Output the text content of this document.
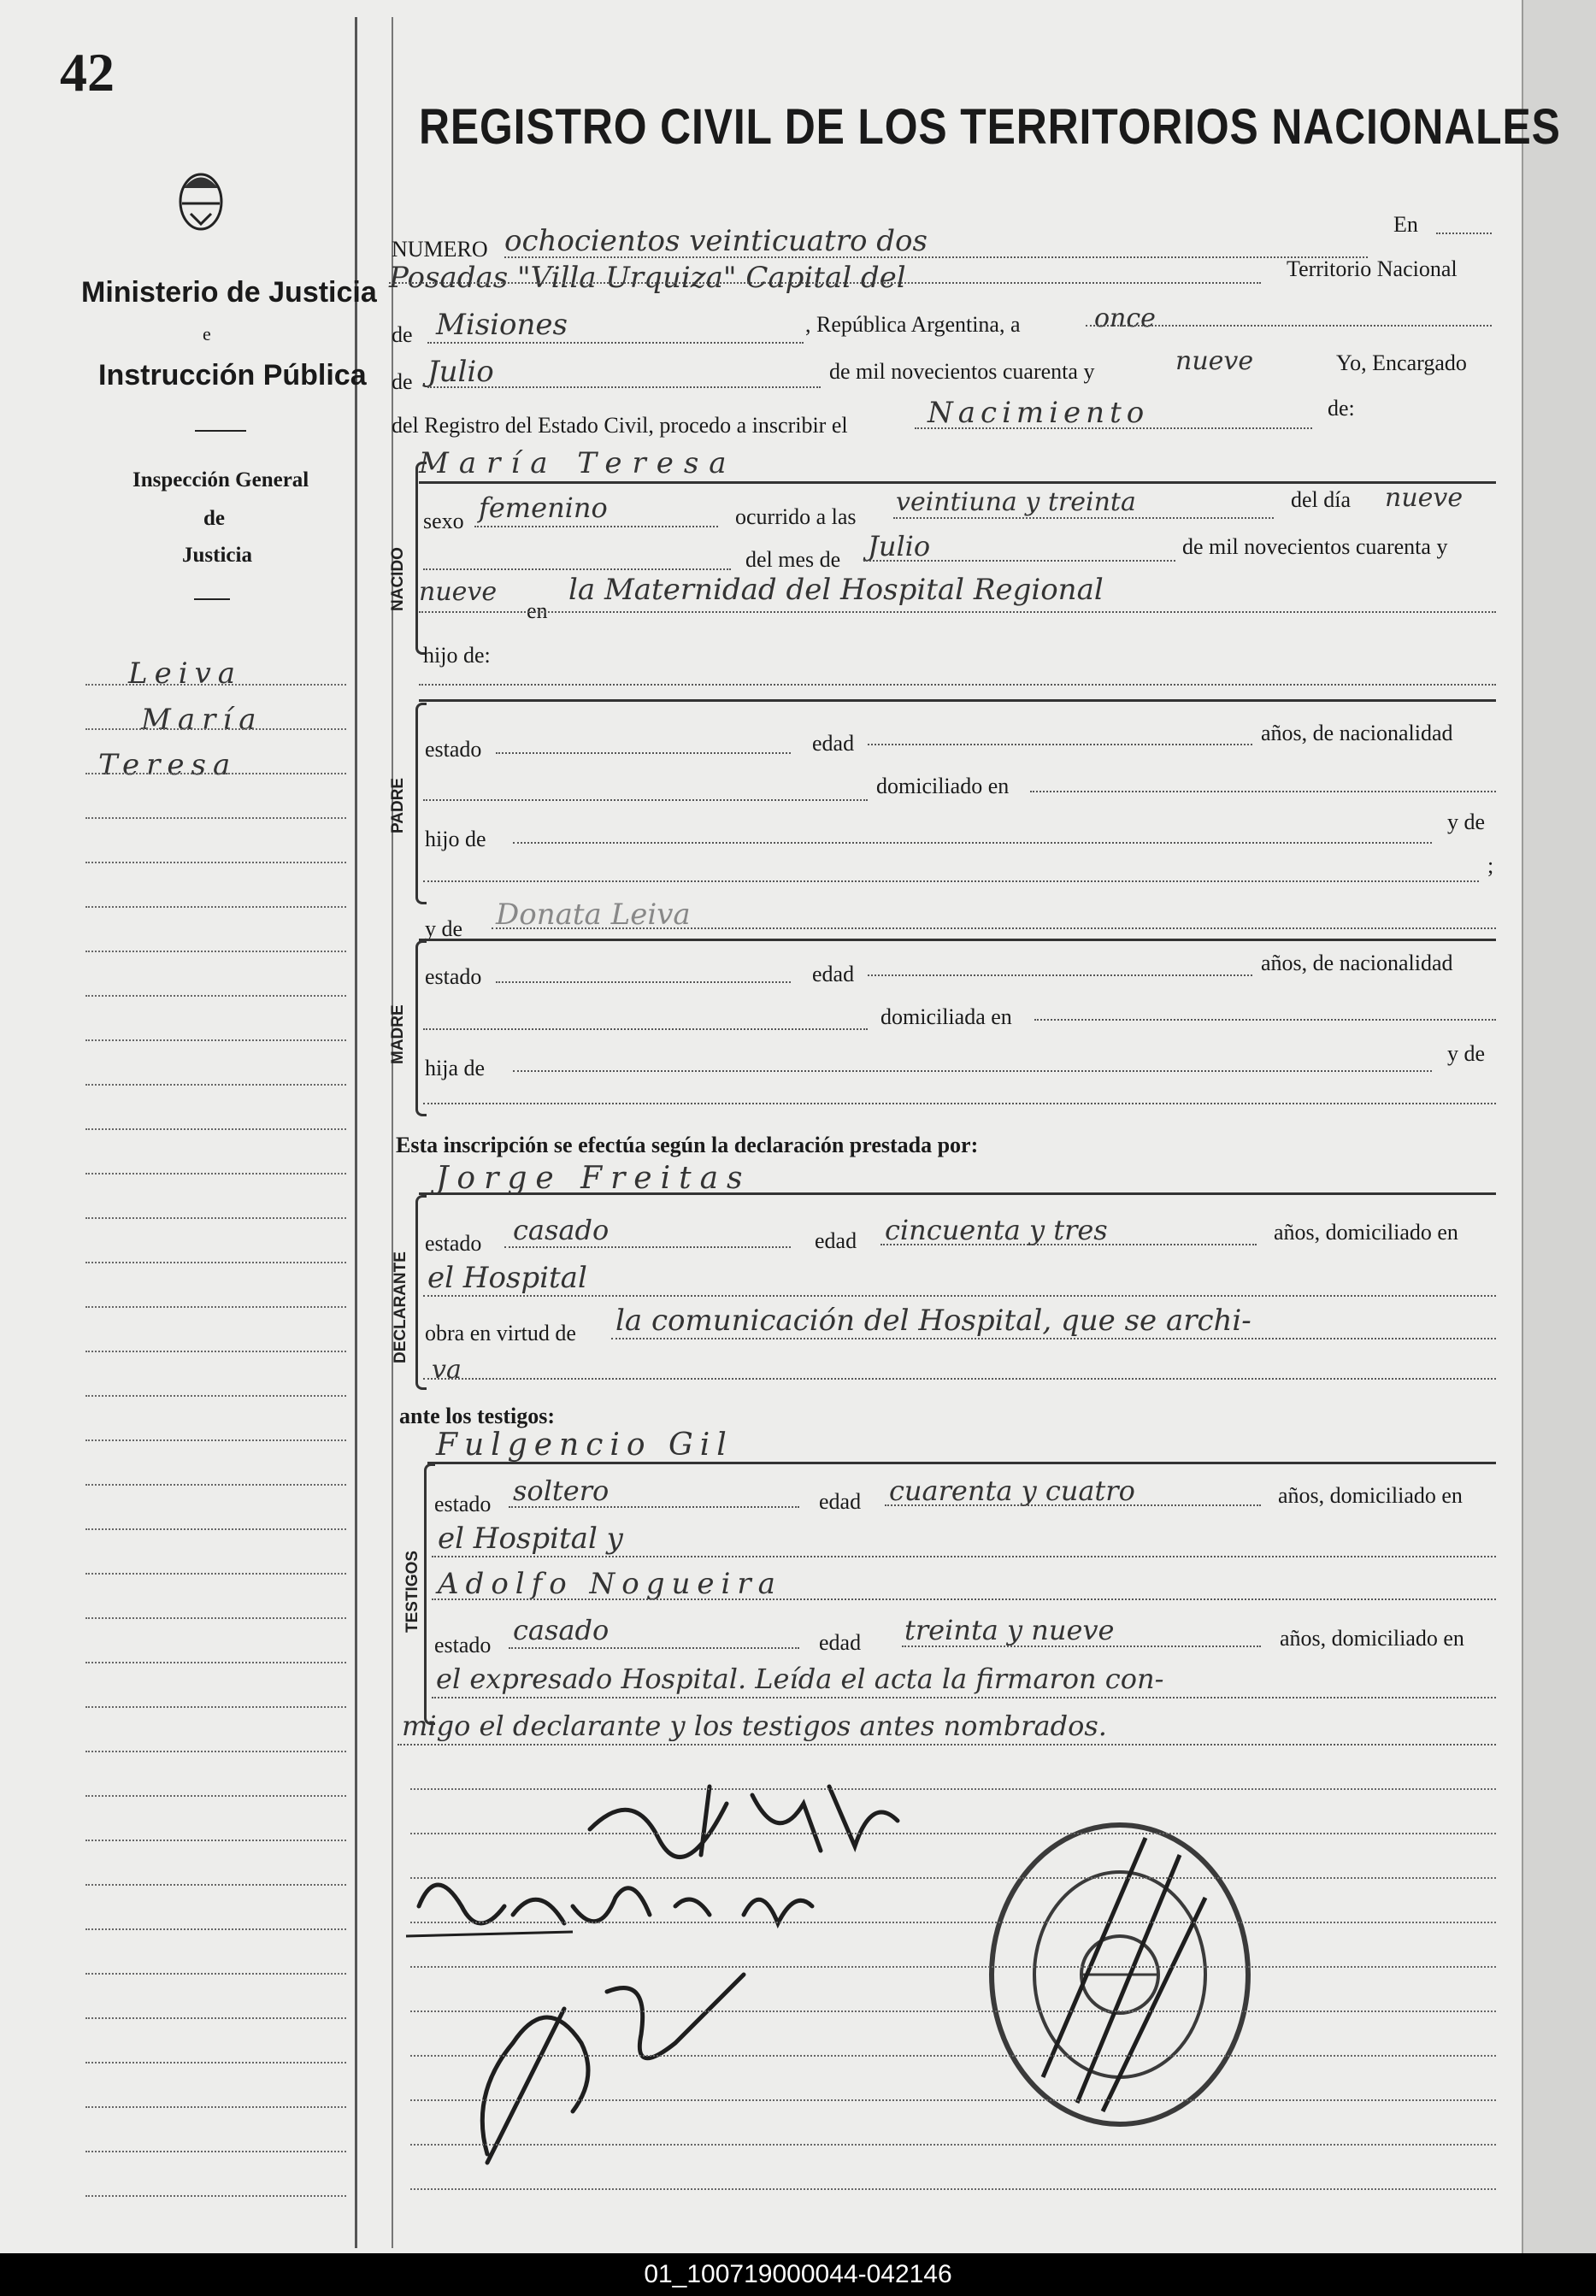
42
Ministerio de Justicia
e
Instrucción Pública
Inspección General
de
Justicia
Leiva
María
Teresa
REGISTRO CIVIL DE LOS TERRITORIOS NACIONALES
NUMERO ochocientos veinticuatro dos	En
Posadas "Villa Urquiza" Capital del	Territorio Nacional
de Misiones	, República Argentina, a	once
de Julio	de mil novecientos cuarenta y	nueve	Yo, Encargado
del Registro del Estado Civil, procedo a inscribir el	Nacimiento	de:
NACIDO
María Teresa
sexo femenino	ocurrido a las veintiuna y treinta	del día nueve
del mes de Julio	de mil novecientos cuarenta y
nueve
en
la Maternidad del Hospital Regional
hijo de:
PADRE
estado	edad	años, de nacionalidad
domiciliado en
hijo de
y de
;
y de Donata Leiva
MADRE
estado	edad	años, de nacionalidad
domiciliada en
hija de
y de
Esta inscripción se efectúa según la declaración prestada por:
Jorge Freitas
DECLARANTE
estado casado	edad cincuenta y tres	años, domiciliado en
el Hospital
obra en virtud de la comunicación del Hospital, que se archi-
va
ante los testigos:
Fulgencio Gil
TESTIGOS
estado soltero	edad cuarenta y cuatro	años, domiciliado en
el Hospital y
Adolfo Nogueira
estado casado	edad treinta y nueve	años, domiciliado en
el expresado Hospital. Leída el acta la firmaron con-
migo el declarante y los testigos antes nombrados.
01_100719000044-042146
